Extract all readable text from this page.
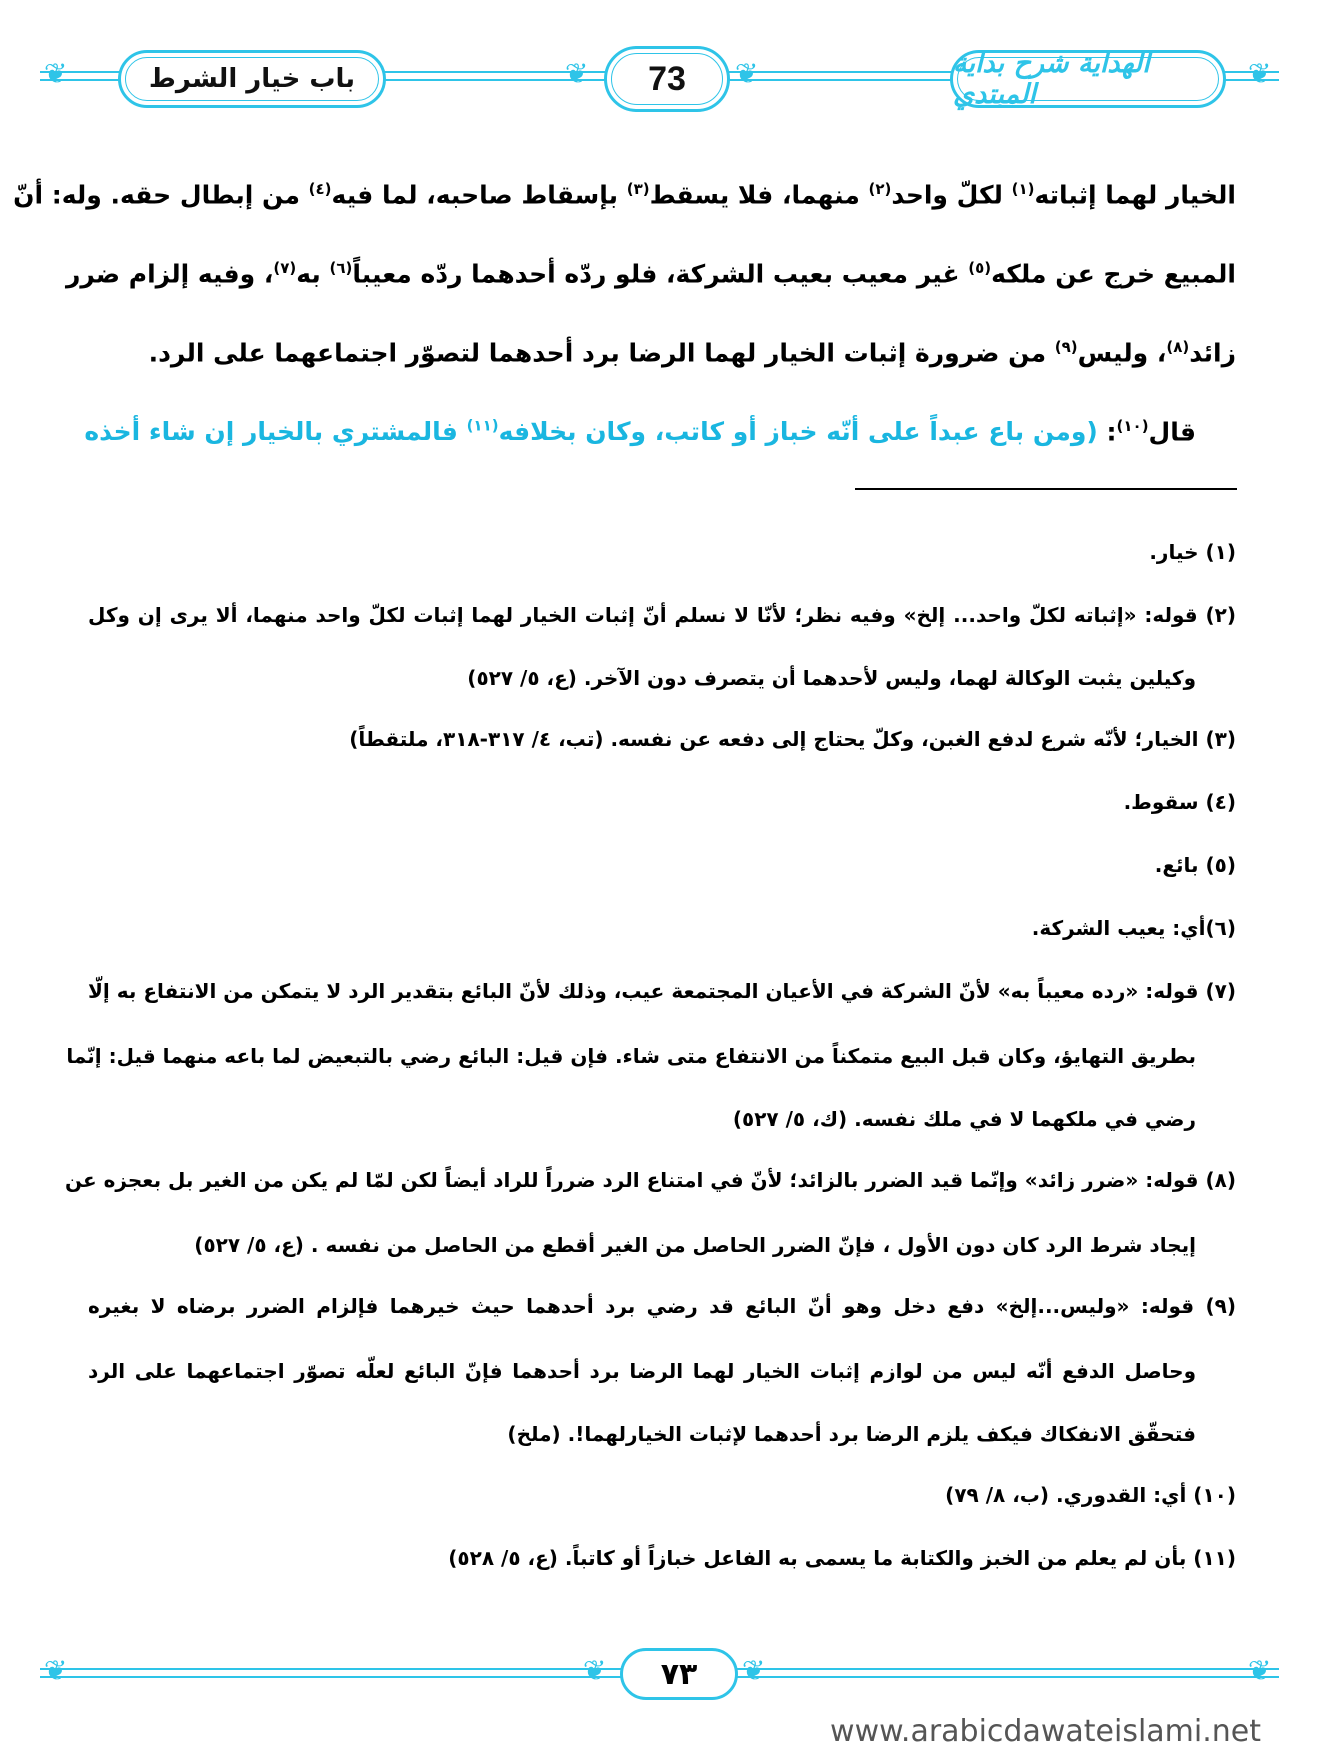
❦	❦
❦	❦
باب خيار الشرط	73	الهداية شرح بداية المبتدي
الخيار لهما إثباته$^{(١)}$ لكلّ واحد$^{(٢)}$ منهما، فلا يسقط$^{(٣)}$ بإسقاط صاحبه، لما فيه$^{(٤)}$ من إبطال حقه. وله: أنّ
المبيع خرج عن ملكه$^{(٥)}$ غير معيب بعيب الشركة، فلو ردّه أحدهما ردّه معيباً$^{(٦)}$ به$^{(٧)}$، وفيه إلزام ضرر
زائد$^{(٨)}$، وليس$^{(٩)}$ من ضرورة إثبات الخيار لهما الرضا برد أحدهما لتصوّر اجتماعهما على الرد.
قال$^{(١٠)}$: (ومن باع عبداً على أنّه خباز أو كاتب، وكان بخلافه$^{(١١)}$ فالمشتري بالخيار إن شاء أخذه
(١) خيار.
(٢) قوله: «إثباته لكلّ واحد... إلخ» وفيه نظر؛ لأنّا لا نسلم أنّ إثبات الخيار لهما إثبات لكلّ واحد منهما، ألا يرى إن وكل
وكيلين يثبت الوكالة لهما، وليس لأحدهما أن يتصرف دون الآخر. (ع، ٥/ ٥٢٧)
(٣) الخيار؛ لأنّه شرع لدفع الغبن، وكلّ يحتاج إلى دفعه عن نفسه. (تب، ٤/ ٣١٧-٣١٨، ملتقطاً)
(٤) سقوط.
(٥) بائع.
(٦)أي: يعيب الشركة.
(٧) قوله: «رده معيباً به» لأنّ الشركة في الأعيان المجتمعة عيب، وذلك لأنّ البائع بتقدير الرد لا يتمكن من الانتفاع به إلّا
بطريق التهايؤ، وكان قبل البيع متمكناً من الانتفاع متى شاء. فإن قيل: البائع رضي بالتبعيض لما باعه منهما قيل: إنّما
رضي في ملكهما لا في ملك نفسه. (ك، ٥/ ٥٢٧)
(٨) قوله: «ضرر زائد» وإنّما قيد الضرر بالزائد؛ لأنّ في امتناع الرد ضرراً للراد أيضاً لكن لمّا لم يكن من الغير بل بعجزه عن
إيجاد شرط الرد كان دون الأول ، فإنّ الضرر الحاصل من الغير أقطع من الحاصل من نفسه . (ع، ٥/ ٥٢٧)
(٩) قوله: «وليس...إلخ» دفع دخل وهو أنّ البائع قد رضي برد أحدهما حيث خيرهما فإلزام الضرر برضاه لا بغيره
وحاصل الدفع أنّه ليس من لوازم إثبات الخيار لهما الرضا برد أحدهما فإنّ البائع لعلّه تصوّر اجتماعهما على الرد
فتحقّق الانفكاك فيكف يلزم الرضا برد أحدهما لإثبات الخيارلهما!. (ملخ)
(١٠) أي: القدوري. (ب، ٨/ ٧٩)
(١١) بأن لم يعلم من الخبز والكتابة ما يسمى به الفاعل خبازاً أو كاتباً. (ع، ٥/ ٥٢٨)
❦	❦
❦	❦
٧٣
www.arabicdawateislami.net
